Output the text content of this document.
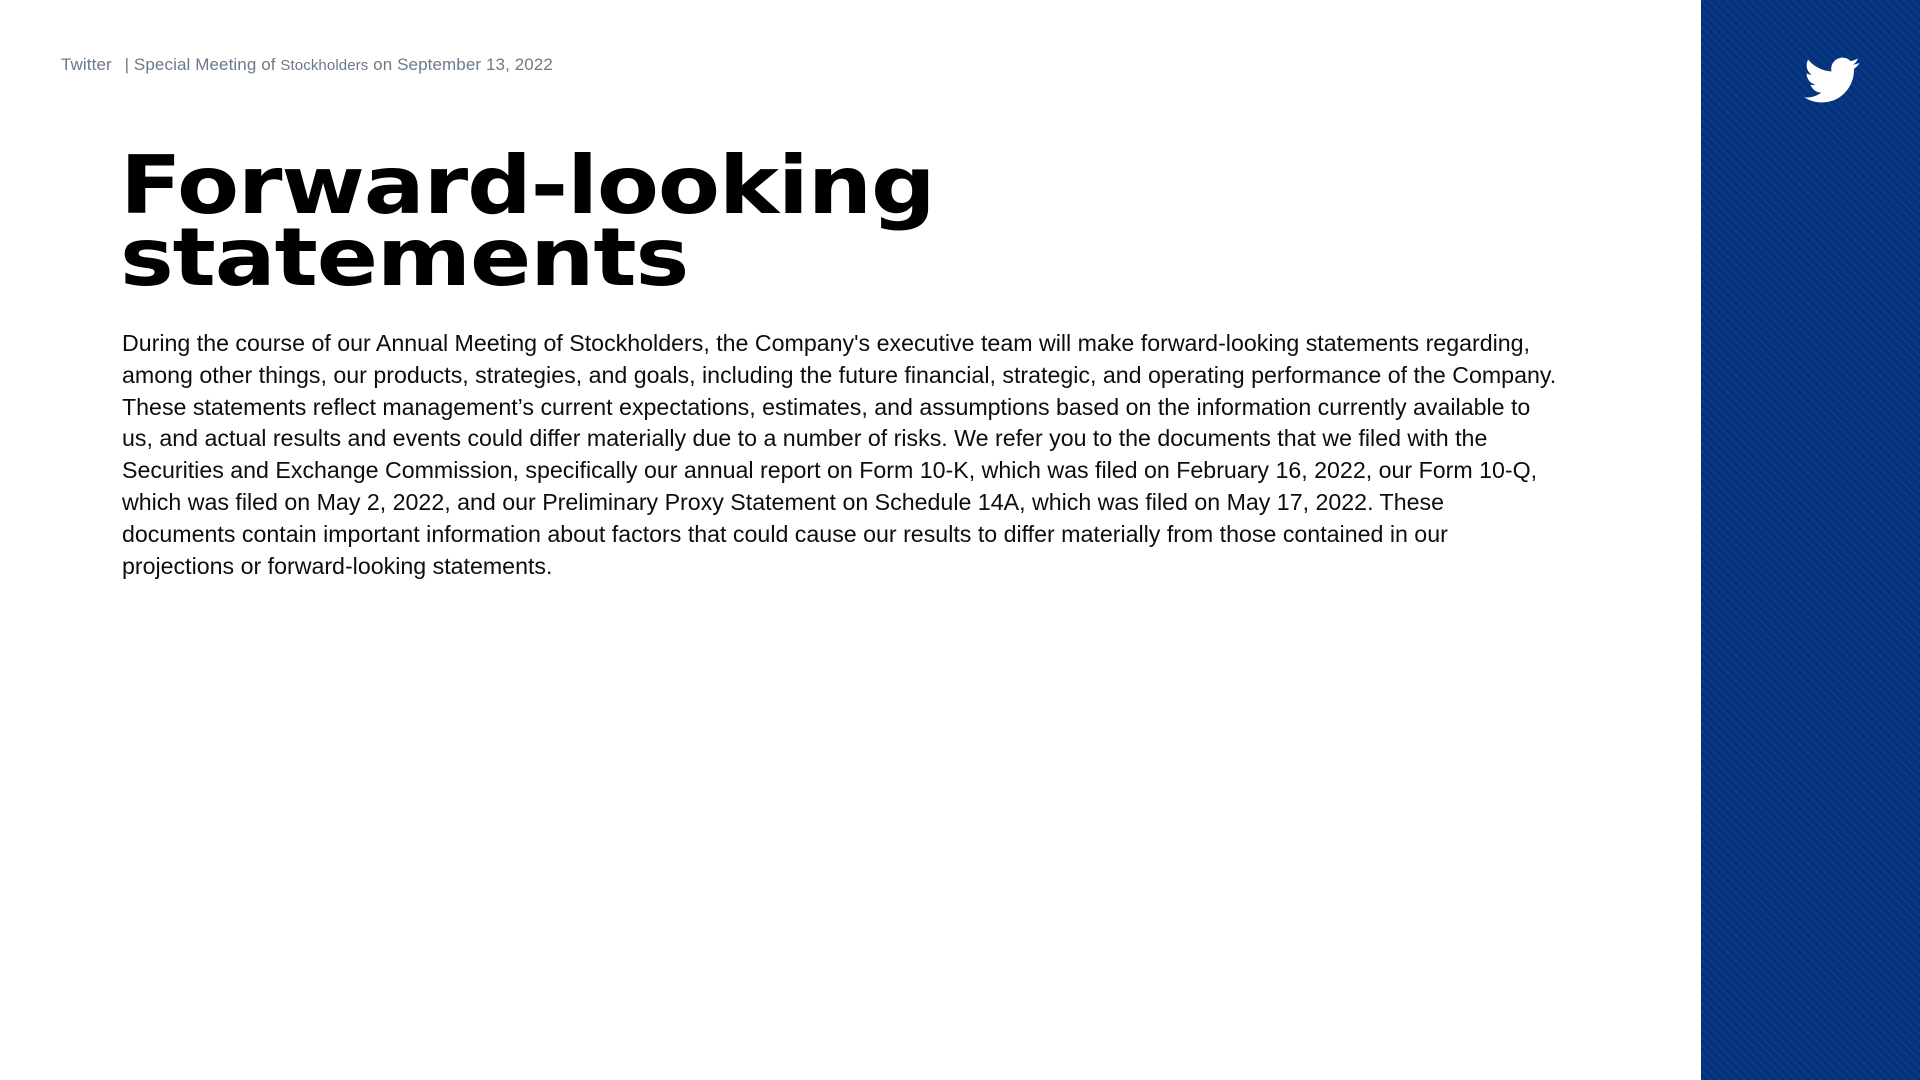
Twitter | Special Meeting of Stockholders on September 13, 2022
Forward-looking
statements

During the course of our Annual Meeting of Stockholders, the Company's executive team will make forward-looking statements regarding, among other things, our products, strategies, and goals, including the future financial, strategic, and operating performance of the Company. These statements reflect management’s current expectations, estimates, and assumptions based on the information currently available to us, and actual results and events could differ materially due to a number of risks. We refer you to the documents that we filed with the Securities and Exchange Commission, specifically our annual report on Form 10-K, which was filed on February 16, 2022, our Form 10-Q, which was filed on May 2, 2022, and our Preliminary Proxy Statement on Schedule 14A, which was filed on May 17, 2022. These documents contain important information about factors that could cause our results to differ materially from those contained in our projections or forward-looking statements.
